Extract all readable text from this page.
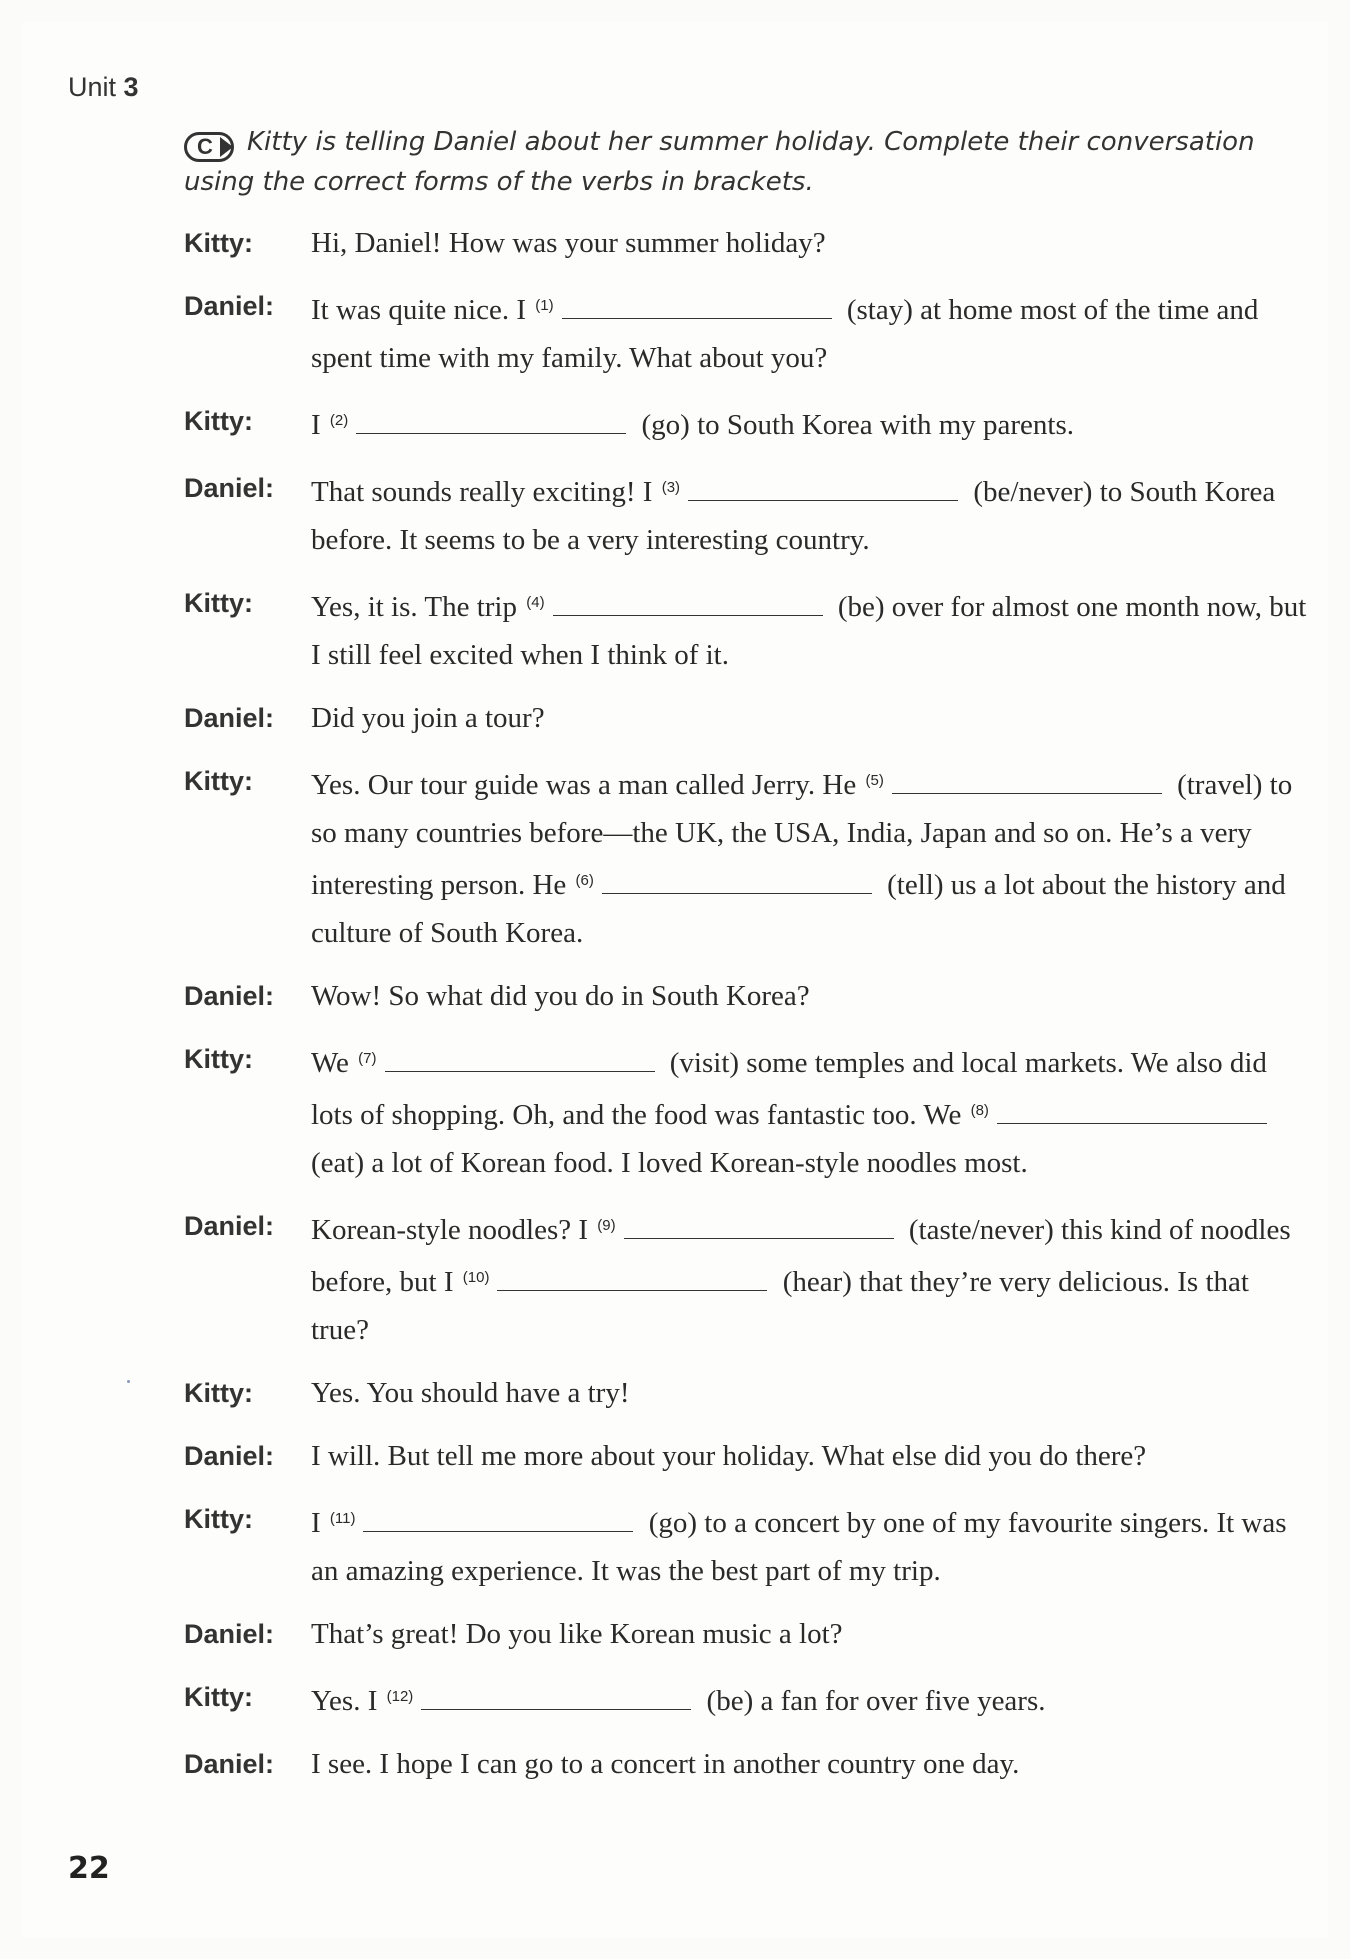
Unit 3
C	Kitty is telling Daniel about her summer holiday. Complete their conversation using the correct forms of the verbs in brackets.
Kitty:	Hi, Daniel! How was your summer holiday?
Daniel:	It was quite nice. I $^{(1)}$	(stay) at home most of the time and spent time with my family. What about you?
Kitty:	I $^{(2)}$	(go) to South Korea with my parents.
Daniel:	That sounds really exciting! I $^{(3)}$	(be/never) to South Korea before. It seems to be a very interesting country.
Kitty:	Yes, it is. The trip $^{(4)}$	(be) over for almost one month now, but I still feel excited when I think of it.
Daniel:	Did you join a tour?
Kitty:	Yes. Our tour guide was a man called Jerry. He $^{(5)}$	(travel) to so many countries before—the UK, the USA, India, Japan and so on. He’s a very interesting person. He $^{(6)}$	(tell) us a lot about the history and culture of South Korea.
Daniel:	Wow! So what did you do in South Korea?
Kitty:	We $^{(7)}$	(visit) some temples and local markets. We also did lots of shopping. Oh, and the food was fantastic too. We $^{(8)}$ (eat) a lot of Korean food. I loved Korean-style noodles most.
Daniel:	Korean-style noodles? I $^{(9)}$	(taste/never) this kind of noodles before, but I $^{(10)}$	(hear) that they’re very delicious. Is that true?
Kitty:	Yes. You should have a try!
Daniel:	I will. But tell me more about your holiday. What else did you do there?
Kitty:	I $^{(11)}$	(go) to a concert by one of my favourite singers. It was an amazing experience. It was the best part of my trip.
Daniel:	That’s great! Do you like Korean music a lot?
Kitty:	Yes. I $^{(12)}$	(be) a fan for over five years.
Daniel:	I see. I hope I can go to a concert in another country one day.
22
